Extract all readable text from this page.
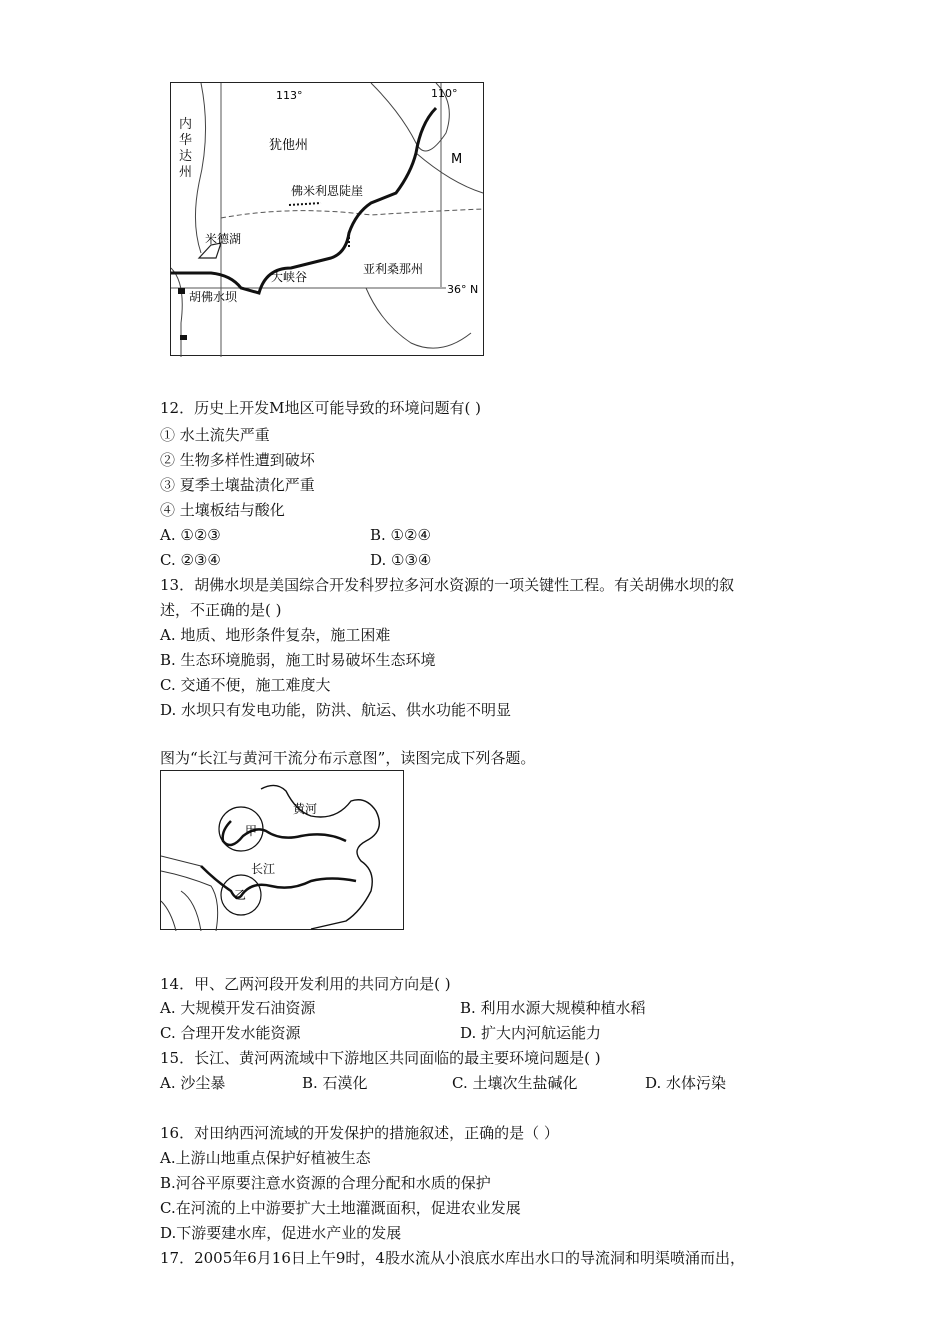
113°	110°
36° N
犹他州
M
佛米利恩陡崖
米德湖
大峡谷
亚利桑那州
胡佛水坝
内华达州
12．历史上开发M地区可能导致的环境问题有( )
① 水土流失严重
② 生物多样性遭到破坏
③ 夏季土壤盐渍化严重
④ 土壤板结与酸化
A. ①②③	B. ①②④
C. ②③④	D. ①③④
13．胡佛水坝是美国综合开发科罗拉多河水资源的一项关键性工程。有关胡佛水坝的叙
述，不正确的是( )
A. 地质、地形条件复杂，施工困难
B. 生态环境脆弱，施工时易破坏生态环境
C. 交通不便，施工难度大
D. 水坝只有发电功能，防洪、航运、供水功能不明显
图为“长江与黄河干流分布示意图”，读图完成下列各题。
黄河
长江
甲
乙
14．甲、乙两河段开发利用的共同方向是( )
A. 大规模开发石油资源	B. 利用水源大规模种植水稻
C. 合理开发水能资源	D. 扩大内河航运能力
15．长江、黄河两流域中下游地区共同面临的最主要环境问题是( )
A. 沙尘暴	B. 石漠化	C. 土壤次生盐碱化	D. 水体污染
16．对田纳西河流域的开发保护的措施叙述，正确的是（ ）
A.上游山地重点保护好植被生态
B.河谷平原要注意水资源的合理分配和水质的保护
C.在河流的上中游要扩大土地灌溉面积，促进农业发展
D.下游要建水库，促进水产业的发展
17．2005年6月16日上午9时，4股水流从小浪底水库出水口的导流洞和明渠喷涌而出，
